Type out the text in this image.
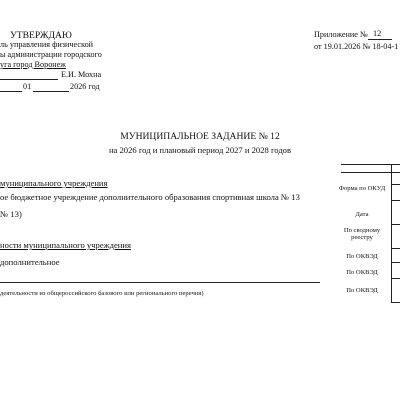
УТВЕРЖДАЮ
ль управления физической
ы администрации городского
уга город Воронеж
Е.И. Мохна
01	2026 год
Приложение № 12
от 19.01.2026 № 18-04-1
МУНИЦИПАЛЬНОЕ ЗАДАНИЕ № 12
на 2026 год и плановый период 2027 и 2028 годов
муниципального учреждения
ое бюджетное учреждение дополнительного образования спортивная школа № 13
№ 13)
ности муниципального учреждения
дополнительное
деятельности из общероссийского базового или регионального перечня)
Форма по ОКУД
Дата
По сводному реестру
По ОКВЭД
По ОКВЭД
По ОКВЭД
